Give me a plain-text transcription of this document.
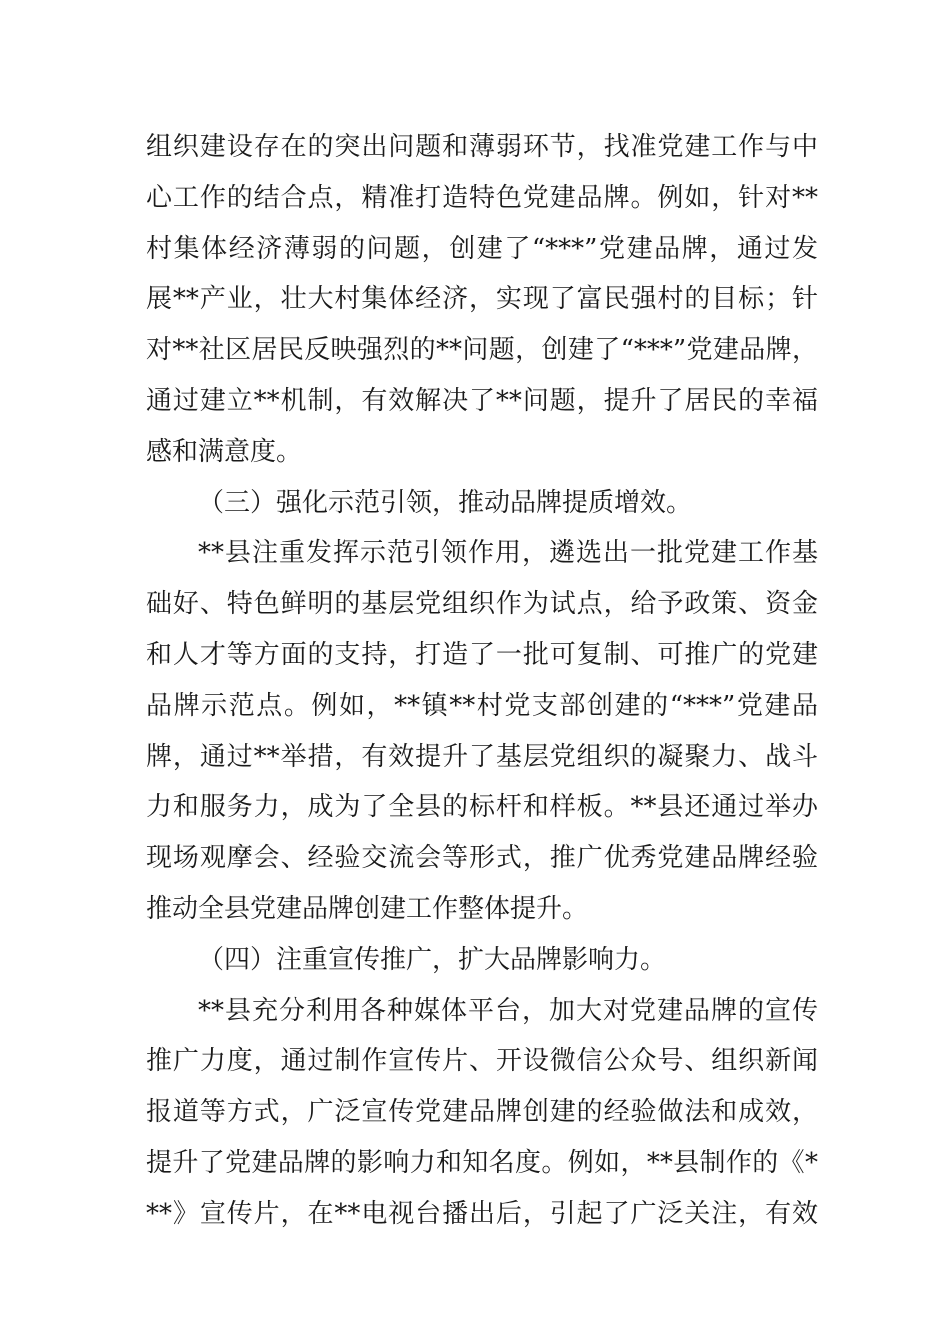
组织建设存在的突出问题和薄弱环节，找准党建工作与中
心工作的结合点，精准打造特色党建品牌。例如，针对**
村集体经济薄弱的问题，创建了“***”党建品牌，通过发
展**产业，壮大村集体经济，实现了富民强村的目标；针
对**社区居民反映强烈的**问题，创建了“***”党建品牌，
通过建立**机制，有效解决了**问题，提升了居民的幸福
感和满意度。
（三）强化示范引领，推动品牌提质增效。
**县注重发挥示范引领作用，遴选出一批党建工作基
础好、特色鲜明的基层党组织作为试点，给予政策、资金
和人才等方面的支持，打造了一批可复制、可推广的党建
品牌示范点。例如，**镇**村党支部创建的“***”党建品
牌，通过**举措，有效提升了基层党组织的凝聚力、战斗
力和服务力，成为了全县的标杆和样板。**县还通过举办
现场观摩会、经验交流会等形式，推广优秀党建品牌经验
推动全县党建品牌创建工作整体提升。
（四）注重宣传推广，扩大品牌影响力。
**县充分利用各种媒体平台，加大对党建品牌的宣传
推广力度，通过制作宣传片、开设微信公众号、组织新闻
报道等方式，广泛宣传党建品牌创建的经验做法和成效，
提升了党建品牌的影响力和知名度。例如，**县制作的《*
**》宣传片，在**电视台播出后，引起了广泛关注，有效
